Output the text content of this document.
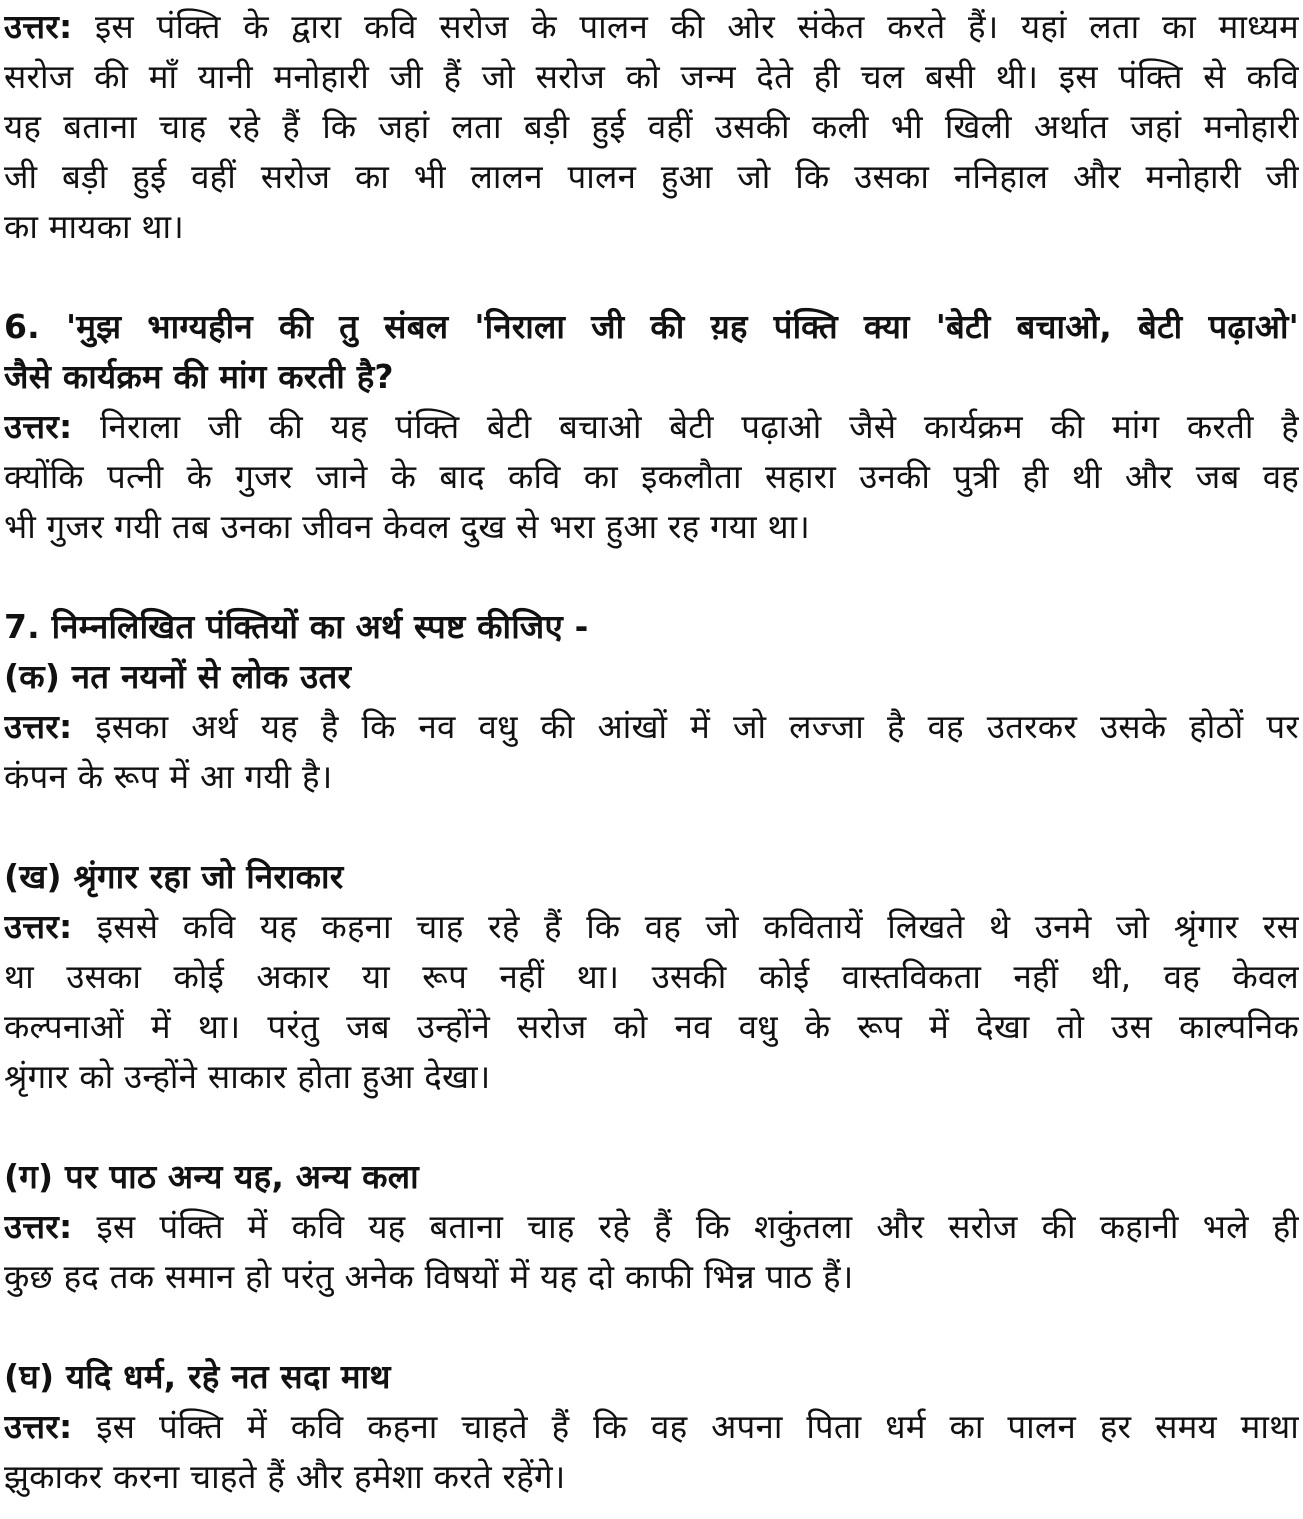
उत्तर: इस पंक्ति के द्वारा कवि सरोज के पालन की ओर संकेत करते हैं। यहां लता का माध्यम
सरोज की माँ यानी मनोहारी जी हैं जो सरोज को जन्म देते ही चल बसी थी। इस पंक्ति से कवि
यह बताना चाह रहे हैं कि जहां लता बड़ी हुई वहीं उसकी कली भी खिली अर्थात जहां मनोहारी
जी बड़ी हुई वहीं सरोज का भी लालन पालन हुआ जो कि उसका ननिहाल और मनोहारी जी
का मायका था।
6. 'मुझ भाग्यहीन की तु संबल 'निराला जी की य़ह पंक्ति क्या 'बेटी बचाओ, बेटी पढ़ाओ'
जैसे कार्यक्रम की मांग करती है?
उत्तर: निराला जी की यह पंक्ति बेटी बचाओ बेटी पढ़ाओ जैसे कार्यक्रम की मांग करती है
क्योंकि पत्नी के गुजर जाने के बाद कवि का इकलौता सहारा उनकी पुत्री ही थी और जब वह
भी गुजर गयी तब उनका जीवन केवल दुख से भरा हुआ रह गया था।
7. निम्नलिखित पंक्तियों का अर्थ स्पष्ट कीजिए -
(क) नत नयनों से लोक उतर
उत्तर: इसका अर्थ यह है कि नव वधु की आंखों में जो लज्जा है वह उतरकर उसके होठों पर
कंपन के रूप में आ गयी है।
(ख) श्रृंगार रहा जो निराकार
उत्तर: इससे कवि यह कहना चाह रहे हैं कि वह जो कवितायें लिखते थे उनमे जो श्रृंगार रस
था उसका कोई अकार या रूप नहीं था। उसकी कोई वास्तविकता नहीं थी, वह केवल
कल्पनाओं में था। परंतु जब उन्होंने सरोज को नव वधु के रूप में देखा तो उस काल्पनिक
श्रृंगार को उन्होंने साकार होता हुआ देखा।
(ग) पर पाठ अन्य यह, अन्य कला
उत्तर: इस पंक्ति में कवि यह बताना चाह रहे हैं कि शकुंतला और सरोज की कहानी भले ही
कुछ हद तक समान हो परंतु अनेक विषयों में यह दो काफी भिन्न पाठ हैं।
(घ) यदि धर्म, रहे नत सदा माथ
उत्तर: इस पंक्ति में कवि कहना चाहते हैं कि वह अपना पिता धर्म का पालन हर समय माथा
झुकाकर करना चाहते हैं और हमेशा करते रहेंगे।
